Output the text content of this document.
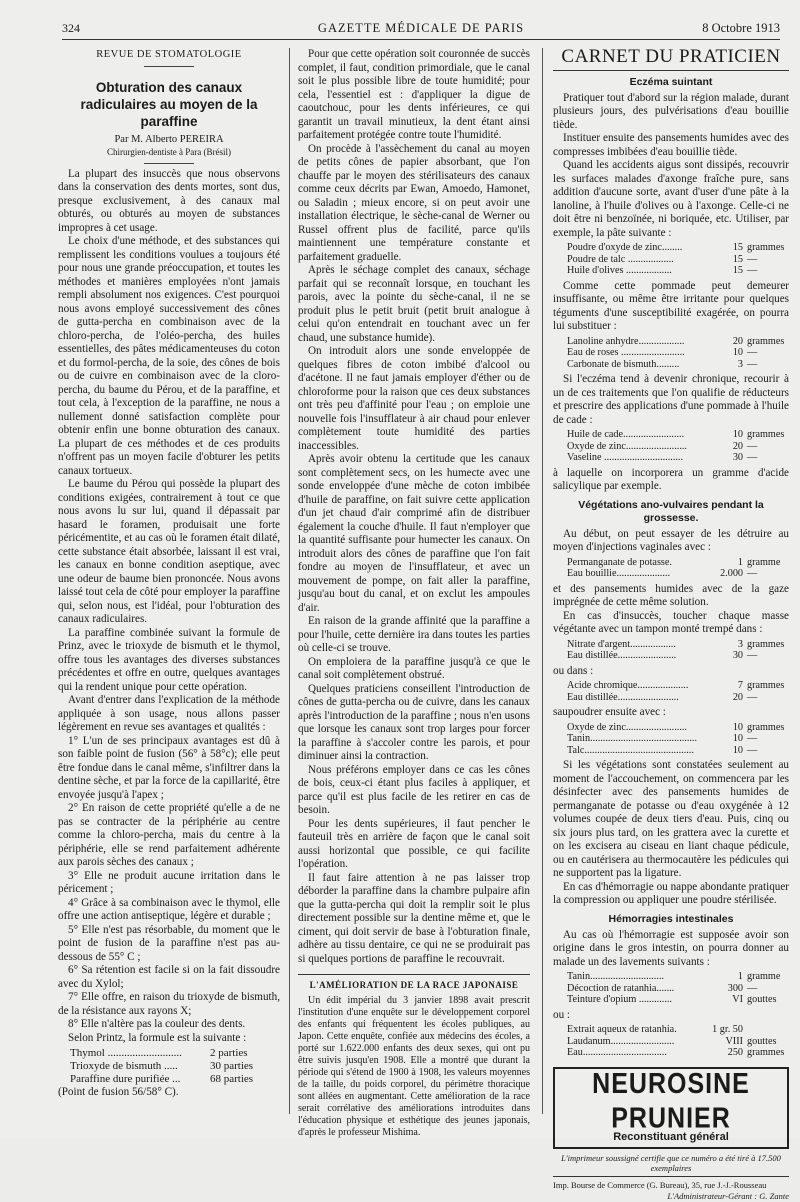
324	GAZETTE MÉDICALE DE PARIS	8 Octobre 1913
REVUE DE STOMATOLOGIE
Obturation des canaux radiculaires au moyen de la paraffine
Par M. Alberto PEREIRA
Chirurgien-dentiste à Para (Brésil)

La plupart des insuccès que nous observons dans la conservation des dents mortes, sont dus, presque exclusivement, à des canaux mal obturés, ou obturés au moyen de substances impropres à cet usage.

Le choix d'une méthode, et des substances qui remplissent les conditions voulues a toujours été pour nous une grande préoccupation, et toutes les méthodes et manières employées n'ont jamais rempli absolument nos exigences. C'est pourquoi nous avons employé successivement des cônes de gutta-percha en combinaison avec de la chloro-percha, de l'oléo-percha, des huiles essentielles, des pâtes médicamenteuses du coton et du formol-percha, de la soie, des cônes de bois ou de cuivre en combinaison avec de la cloro-percha, du baume du Pérou, et de la paraffine, et tout cela, à l'exception de la paraffine, ne nous a nullement donné satisfaction complète pour obtenir enfin une bonne obturation des canaux. La plupart de ces méthodes et de ces produits n'offrent pas un moyen facile d'obturer les petits canaux tortueux.

Le baume du Pérou qui possède la plupart des conditions exigées, contrairement à tout ce que nous avons lu sur lui, quand il dépassait par hasard le foramen, produisait une forte péricémentite, et au cas où le foramen était dilaté, cette substance était absorbée, laissant il est vrai, les canaux en bonne condition aseptique, avec une odeur de baume bien prononcée. Nous avons laissé tout cela de côté pour employer la paraffine qui, selon nous, est l'idéal, pour l'obturation des canaux radiculaires.

La paraffine combinée suivant la formule de Prinz, avec le trioxyde de bismuth et le thymol, offre tous les avantages des diverses substances précédentes et offre en outre, quelques avantages qui la rendent unique pour cette opération.

Avant d'entrer dans l'explication de la méthode appliquée à son usage, nous allons passer légèrement en revue ses avantages et qualités :

1° L'un de ses principaux avantages est dû à son faible point de fusion (56° à 58°c); elle peut être fondue dans le canal même, s'infiltrer dans la dentine sèche, et par la force de la capillarité, être envoyée jusqu'à l'apex ;

2° En raison de cette propriété qu'elle a de ne pas se contracter de la périphérie au centre comme la chloro-percha, mais du centre à la périphérie, elle se rend parfaitement adhérente aux parois sèches des canaux ;

3° Elle ne produit aucune irritation dans le péricement ;

4° Grâce à sa combinaison avec le thymol, elle offre une action antiseptique, légère et durable ;

5° Elle n'est pas résorbable, du moment que le point de fusion de la paraffine n'est pas au-dessous de 55° C ;

6° Sa rétention est facile si on la fait dissoudre avec du Xylol;

7° Elle offre, en raison du trioxyde de bismuth, de la résistance aux rayons X;

8° Elle n'altère pas la couleur des dents.

Selon Printz, la formule est la suivante :

Thymol ...........................	2 parties
Trioxyde de bismuth .....	30 parties
Paraffine dure purifiée ...	68 parties

(Point de fusion 56/58° C).

Pour que cette opération soit couronnée de succès complet, il faut, condition primordiale, que le canal soit le plus possible libre de toute humidité; pour cela, l'essentiel est : d'appliquer la digue de caoutchouc, pour les dents inférieures, ce qui garantit un travail minutieux, la dent étant ainsi parfaitement protégée contre toute l'humidité.

On procède à l'assèchement du canal au moyen de petits cônes de papier absorbant, que l'on chauffe par le moyen des stérilisateurs des canaux comme ceux décrits par Ewan, Amoedo, Hamonet, ou Saladin ; mieux encore, si on peut avoir une installation électrique, le sèche-canal de Werner ou Russel offrent plus de facilité, parce qu'ils maintiennent une température constante et parfaitement graduelle.

Après le séchage complet des canaux, séchage parfait qui se reconnaît lorsque, en touchant les parois, avec la pointe du sèche-canal, il ne se produit plus le petit bruit (petit bruit analogue à celui qu'on entendrait en touchant avec un fer chaud, une substance humide).

On introduit alors une sonde enveloppée de quelques fibres de coton imbibé d'alcool ou d'acétone. Il ne faut jamais employer d'éther ou de chloroforme pour la raison que ces deux substances ont très peu d'affinité pour l'eau ; on emploie une nouvelle fois l'insufflateur à air chaud pour enlever complètement toute humidité des parties inaccessibles.

Après avoir obtenu la certitude que les canaux sont complètement secs, on les humecte avec une sonde enveloppée d'une mèche de coton imbibée d'huile de paraffine, on fait suivre cette application d'un jet chaud d'air comprimé afin de distribuer également la couche d'huile. Il faut n'employer que la quantité suffisante pour humecter les canaux. On introduit alors des cônes de paraffine que l'on fait fondre au moyen de l'insufflateur, et avec un mouvement de pompe, on fait aller la paraffine, jusqu'au bout du canal, et on exclut les ampoules d'air.

En raison de la grande affinité que la paraffine a pour l'huile, cette dernière ira dans toutes les parties où celle-ci se trouve.

On emploiera de la paraffine jusqu'à ce que le canal soit complètement obstrué.

Quelques praticiens conseillent l'introduction de cônes de gutta-percha ou de cuivre, dans les canaux après l'introduction de la paraffine ; nous n'en usons que lorsque les canaux sont trop larges pour forcer la paraffine à s'accoler contre les parois, et pour diminuer ainsi la contraction.

Nous préférons employer dans ce cas les cônes de bois, ceux-ci étant plus faciles à appliquer, et parce qu'il est plus facile de les retirer en cas de besoin.

Pour les dents supérieures, il faut pencher le fauteuil très en arrière de façon que le canal soit aussi horizontal que possible, ce qui facilite l'opération.

Il faut faire attention à ne pas laisser trop déborder la paraffine dans la chambre pulpaire afin que la gutta-percha qui doit la remplir soit le plus directement possible sur la dentine même et, que le ciment, qui doit servir de base à l'obturation finale, adhère au tissu dentaire, ce qui ne se produirait pas si quelques portions de paraffine le recouvrait.

L'AMÉLIORATION DE LA RACE JAPONAISE

Un édit impérial du 3 janvier 1898 avait prescrit l'institution d'une enquête sur le développement corporel des enfants qui fréquentent les écoles publiques, au Japon. Cette enquête, confiée aux médecins des écoles, a porté sur 1.622.000 enfants des deux sexes, qui ont pu être suivis jusqu'en 1908. Elle a montré que durant la période qui s'étend de 1900 à 1908, les valeurs moyennes de la taille, du poids corporel, du périmètre thoracique sont allées en augmentant. Cette amélioration de la race serait corrélative des améliorations introduites dans l'éducation physique et esthétique des jeunes japonais, d'après le professeur Mishima.

CARNET DU PRATICIEN
Eczéma suintant

Pratiquer tout d'abord sur la région malade, durant plusieurs jours, des pulvérisations d'eau bouillie tiède.

Instituer ensuite des pansements humides avec des compresses imbibées d'eau bouillie tiède.

Quand les accidents aigus sont dissipés, recouvrir les surfaces malades d'axonge fraîche pure, sans addition d'aucune sorte, avant d'user d'une pâte à la lanoline, à l'huile d'olives ou à l'axonge. Celle-ci ne doit être ni benzoïnée, ni boriquée, etc. Utiliser, par exemple, la pâte suivante :

Poudre d'oxyde de zinc........	15 grammes
Poudre de talc ..................	15 —
Huile d'olives ..................	15 —

Comme cette pommade peut demeurer insuffisante, ou même être irritante pour quelques téguments d'une susceptibilité exagérée, on pourra lui substituer :

Lanoline anhydre..................	20 grammes
Eau de roses .........................	10 —
Carbonate de bismuth.........	3 —

Si l'eczéma tend à devenir chronique, recourir à un de ces traitements que l'on qualifie de réducteurs et prescrire des applications d'une pommade à l'huile de cade :

Huile de cade........................	10 grammes
Oxyde de zinc........................	20 —
Vaseline ...............................	30 —

à laquelle on incorporera un gramme d'acide salicylique par exemple.

Végétations ano-vulvaires pendant la grossesse.

Au début, on peut essayer de les détruire au moyen d'injections vaginales avec :

Permanganate de potasse.	1 gramme
Eau bouillie.....................	2.000 —

et des pansements humides avec de la gaze imprégnée de cette même solution.

En cas d'insuccès, toucher chaque masse végétante avec un tampon monté trempé dans :

Nitrate d'argent..................	3 grammes
Eau distillée.......................	30 —

ou dans :

Acide chromique....................	7 grammes
Eau distillée........................	20 —

saupoudrer ensuite avec :

Oxyde de zinc........................	10 grammes
Tanin..........................................	10 —
Talc...........................................	10 —

Si les végétations sont constatées seulement au moment de l'accouchement, on commencera par les désinfecter avec des pansements humides de permanganate de potasse ou d'eau oxygénée à 12 volumes coupée de deux tiers d'eau. Puis, cinq ou six jours plus tard, on les grattera avec la curette et on les excisera au ciseau en liant chaque pédicule, ou en cautérisera au thermocautère les pédicules qui ne supportent pas la ligature.

En cas d'hémorragie ou nappe abondante pratiquer la compression ou appliquer une poudre stérilisée.

Hémorragies intestinales

Au cas où l'hémorragie est supposée avoir son origine dans le gros intestin, on pourra donner au malade un des lavements suivants :

Tanin.............................	1 gramme
Décoction de ratanhia.......	300 —
Teinture d'opium .............	VI gouttes

ou :

Extrait aqueux de ratanhia.	1 gr. 50
Laudanum.........................	VIII gouttes
Eau.................................	250 grammes
NEUROSINE PRUNIER
Reconstituant général
L'imprimeur soussigné certifie que ce numéro a été tiré à 17.500 exemplaires
Imp. Bourse de Commerce (G. Bureau), 35, rue J.-J.-Rousseau
L'Administrateur-Gérant : G. Zante
